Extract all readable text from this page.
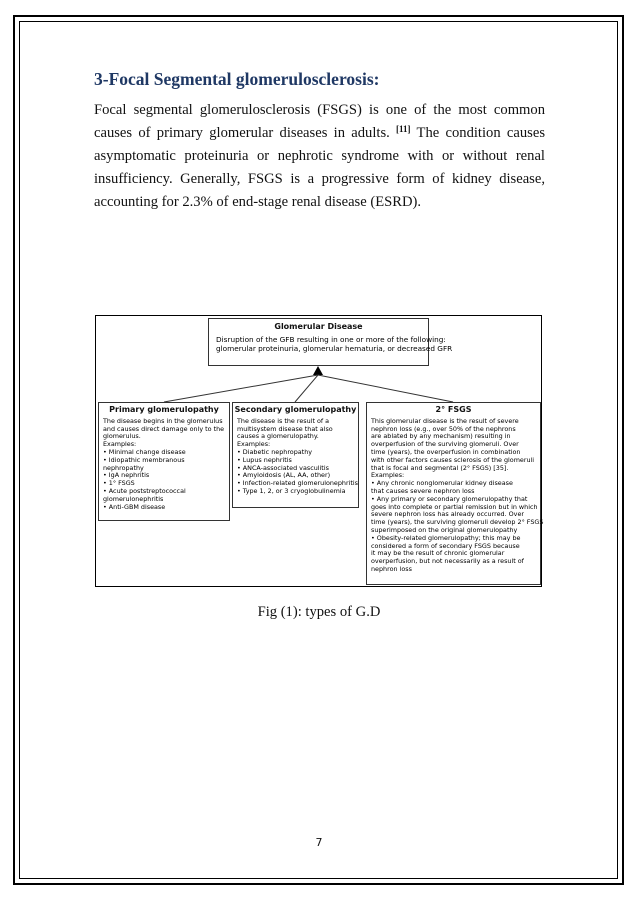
3-Focal Segmental glomerulosclerosis:
Focal segmental glomerulosclerosis (FSGS) is one of the most common causes of primary glomerular diseases in adults. [11] The condition causes asymptomatic proteinuria or nephrotic syndrome with or without renal insufficiency. Generally, FSGS is a progressive form of kidney disease, accounting for 2.3% of end-stage renal disease (ESRD).
Glomerular Disease
Disruption of the GFB resulting in one or more of the following:
glomerular proteinuria, glomerular hematuria, or decreased GFR
Primary glomerulopathy
The disease begins in the glomerulus
and causes direct damage only to the
glomerulus.
Examples:
• Minimal change disease
• Idiopathic membranous
nephropathy
• IgA nephritis
• 1° FSGS
• Acute poststreptococcal
glomerulonephritis
• Anti-GBM disease
Secondary glomerulopathy
The disease is the result of a
multisystem disease that also
causes a glomerulopathy.
Examples:
• Diabetic nephropathy
• Lupus nephritis
• ANCA-associated vasculitis
• Amyloidosis (AL, AA, other)
• Infection-related glomerulonephritis
• Type 1, 2, or 3 cryoglobulinemia
2° FSGS
This glomerular disease is the result of severe
nephron loss (e.g., over 50% of the nephrons
are ablated by any mechanism) resulting in
overperfusion of the surviving glomeruli. Over
time (years), the overperfusion in combination
with other factors causes sclerosis of the glomeruli
that is focal and segmental (2° FSGS) [35].
Examples:
• Any chronic nonglomerular kidney disease
that causes severe nephron loss
• Any primary or secondary glomerulopathy that
goes into complete or partial remission but in which
severe nephron loss has already occurred. Over
time (years), the surviving glomeruli develop 2° FSGS
superimposed on the original glomerulopathy
• Obesity-related glomerulopathy; this may be
considered a form of secondary FSGS because
it may be the result of chronic glomerular
overperfusion, but not necessarily as a result of
nephron loss
Fig (1): types of G.D
7
